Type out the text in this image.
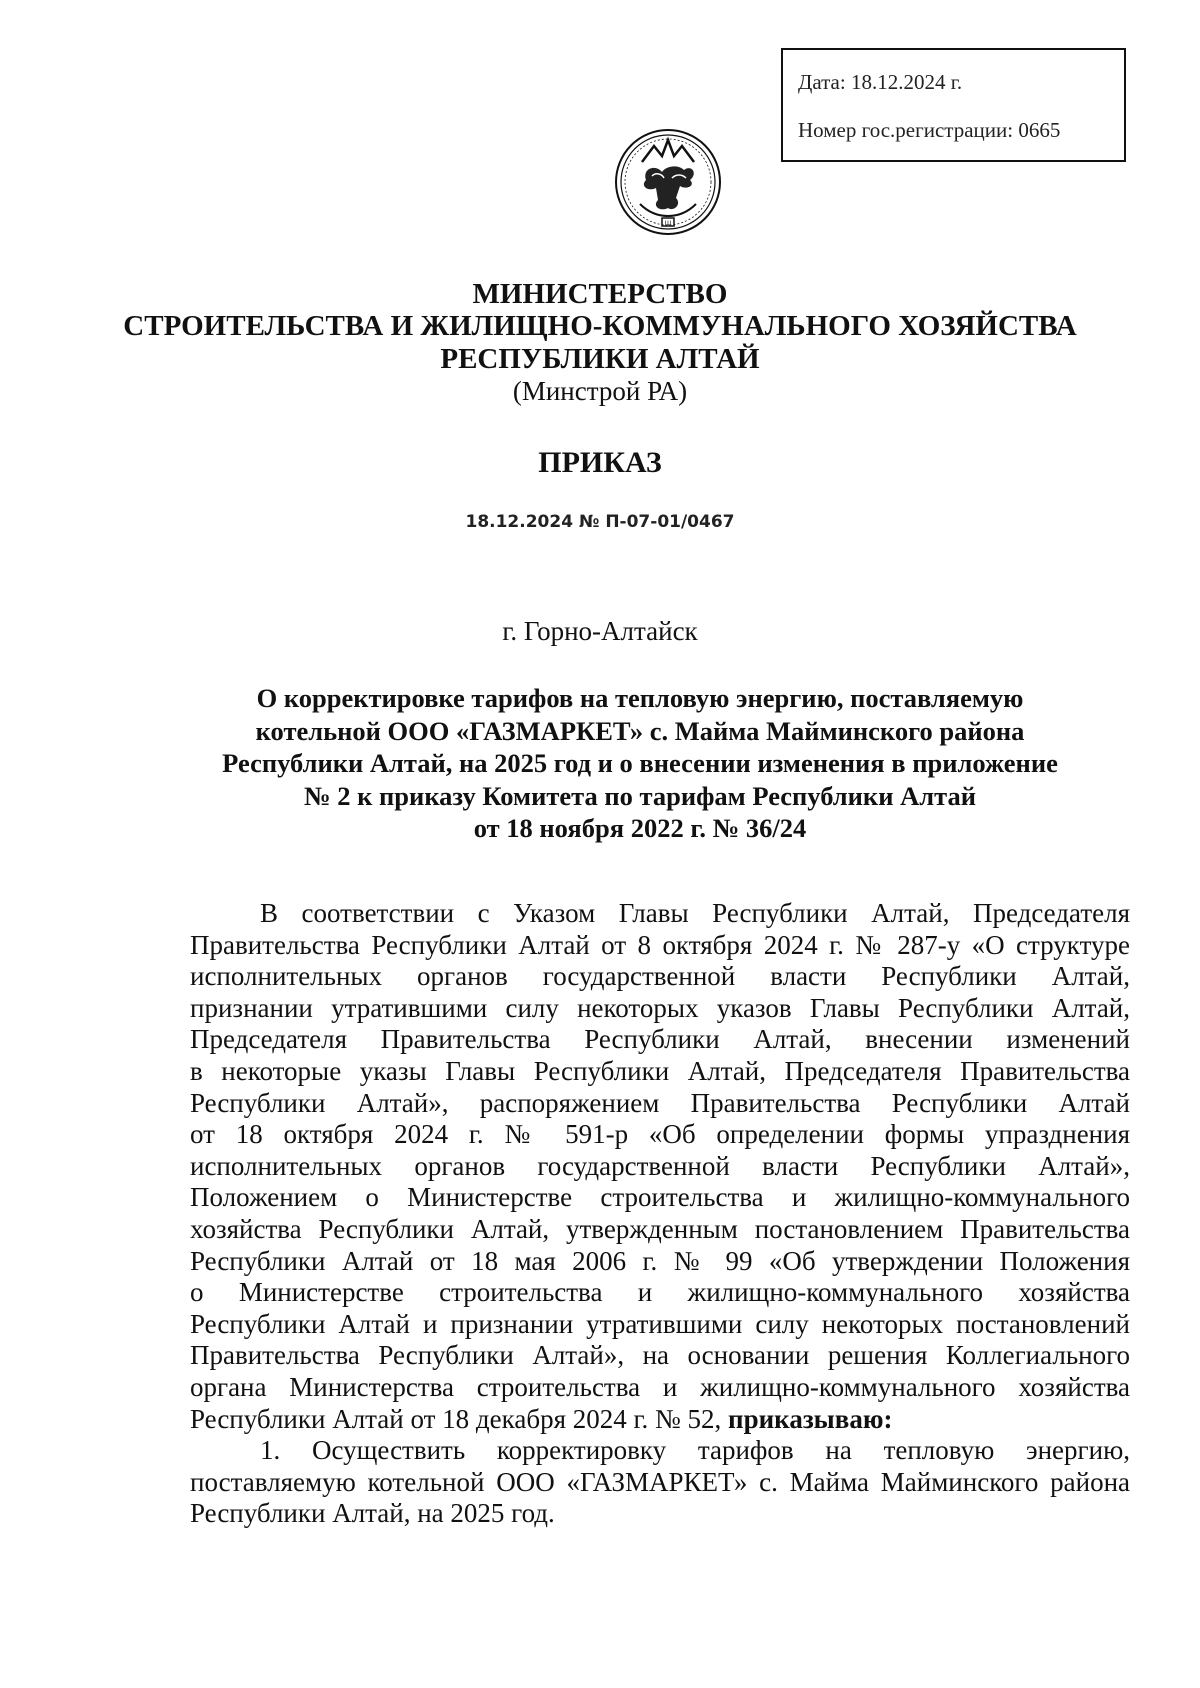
Дата: 18.12.2024 г.
Номер гос.регистрации: 0665
Ш
МИНИСТЕРСТВО
СТРОИТЕЛЬСТВА И ЖИЛИЩНО-КОММУНАЛЬНОГО ХОЗЯЙСТВА
РЕСПУБЛИКИ АЛТАЙ
(Минстрой РА)
ПРИКАЗ
18.12.2024 № П-07-01/0467
г. Горно-Алтайск
О корректировке тарифов на тепловую энергию, поставляемую
котельной ООО «ГАЗМАРКЕТ» с. Майма Майминского района
Республики Алтай, на 2025 год и о внесении изменения в приложение
№ 2 к приказу Комитета по тарифам Республики Алтай
от 18 ноября 2022 г. № 36/24
В соответствии с Указом Главы Республики Алтай, Председателя
Правительства Республики Алтай от 8 октября 2024 г. № 287-у «О структуре
исполнительных органов государственной власти Республики Алтай,
признании утратившими силу некоторых указов Главы Республики Алтай,
Председателя Правительства Республики Алтай, внесении изменений
в некоторые указы Главы Республики Алтай, Председателя Правительства
Республики Алтай», распоряжением Правительства Республики Алтай
от 18 октября 2024 г. № 591-р «Об определении формы упразднения
исполнительных органов государственной власти Республики Алтай»,
Положением о Министерстве строительства и жилищно-коммунального
хозяйства Республики Алтай, утвержденным постановлением Правительства
Республики Алтай от 18 мая 2006 г. № 99 «Об утверждении Положения
о Министерстве строительства и жилищно-коммунального хозяйства
Республики Алтай и признании утратившими силу некоторых постановлений
Правительства Республики Алтай», на основании решения Коллегиального
органа Министерства строительства и жилищно-коммунального хозяйства
Республики Алтай от 18 декабря 2024 г. № 52, приказываю:
1. Осуществить корректировку тарифов на тепловую энергию,
поставляемую котельной ООО «ГАЗМАРКЕТ» с. Майма Майминского района
Республики Алтай, на 2025 год.
